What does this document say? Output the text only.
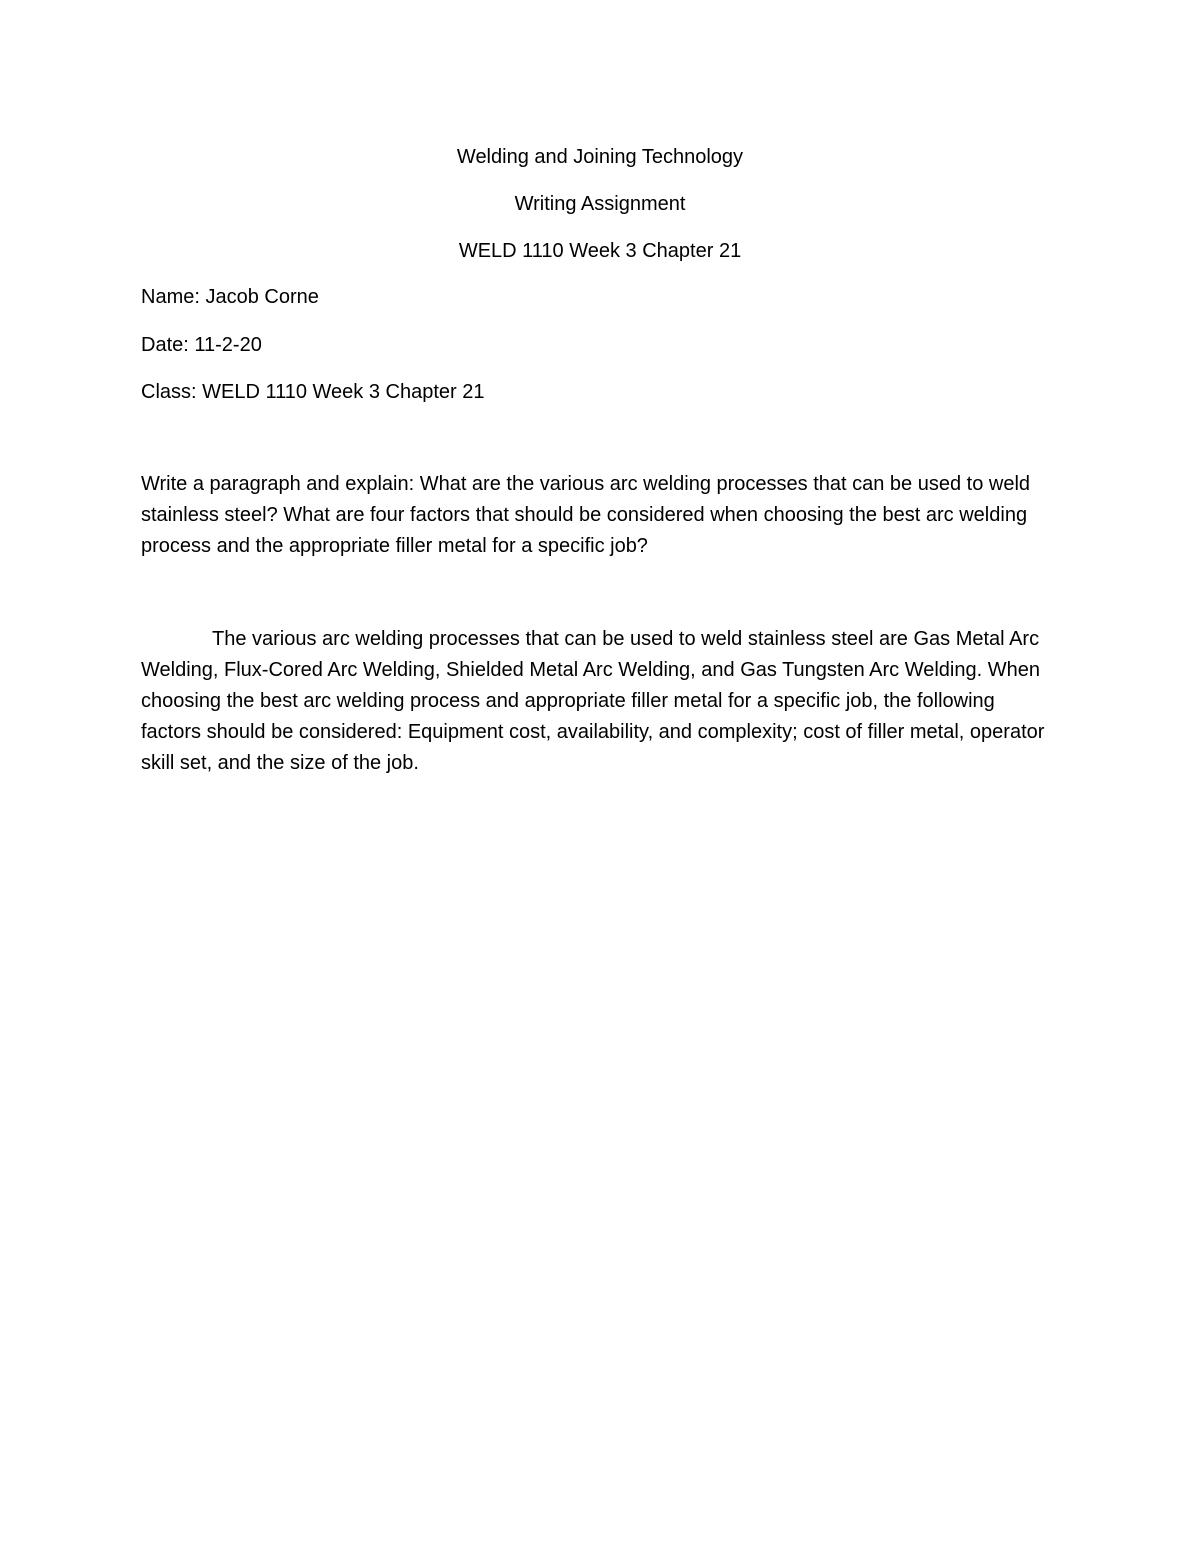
Welding and Joining Technology
Writing Assignment
WELD 1110 Week 3 Chapter 21
Name: Jacob Corne
Date: 11-2-20
Class: WELD 1110 Week 3 Chapter 21
Write a paragraph and explain: What are the various arc welding processes that can be used to weld stainless steel? What are four factors that should be considered when choosing the best arc welding process and the appropriate filler metal for a specific job?
The various arc welding processes that can be used to weld stainless steel are Gas Metal Arc Welding, Flux-Cored Arc Welding, Shielded Metal Arc Welding, and Gas Tungsten Arc Welding. When choosing the best arc welding process and appropriate filler metal for a specific job, the following factors should be considered: Equipment cost, availability, and complexity; cost of filler metal, operator skill set, and the size of the job.
